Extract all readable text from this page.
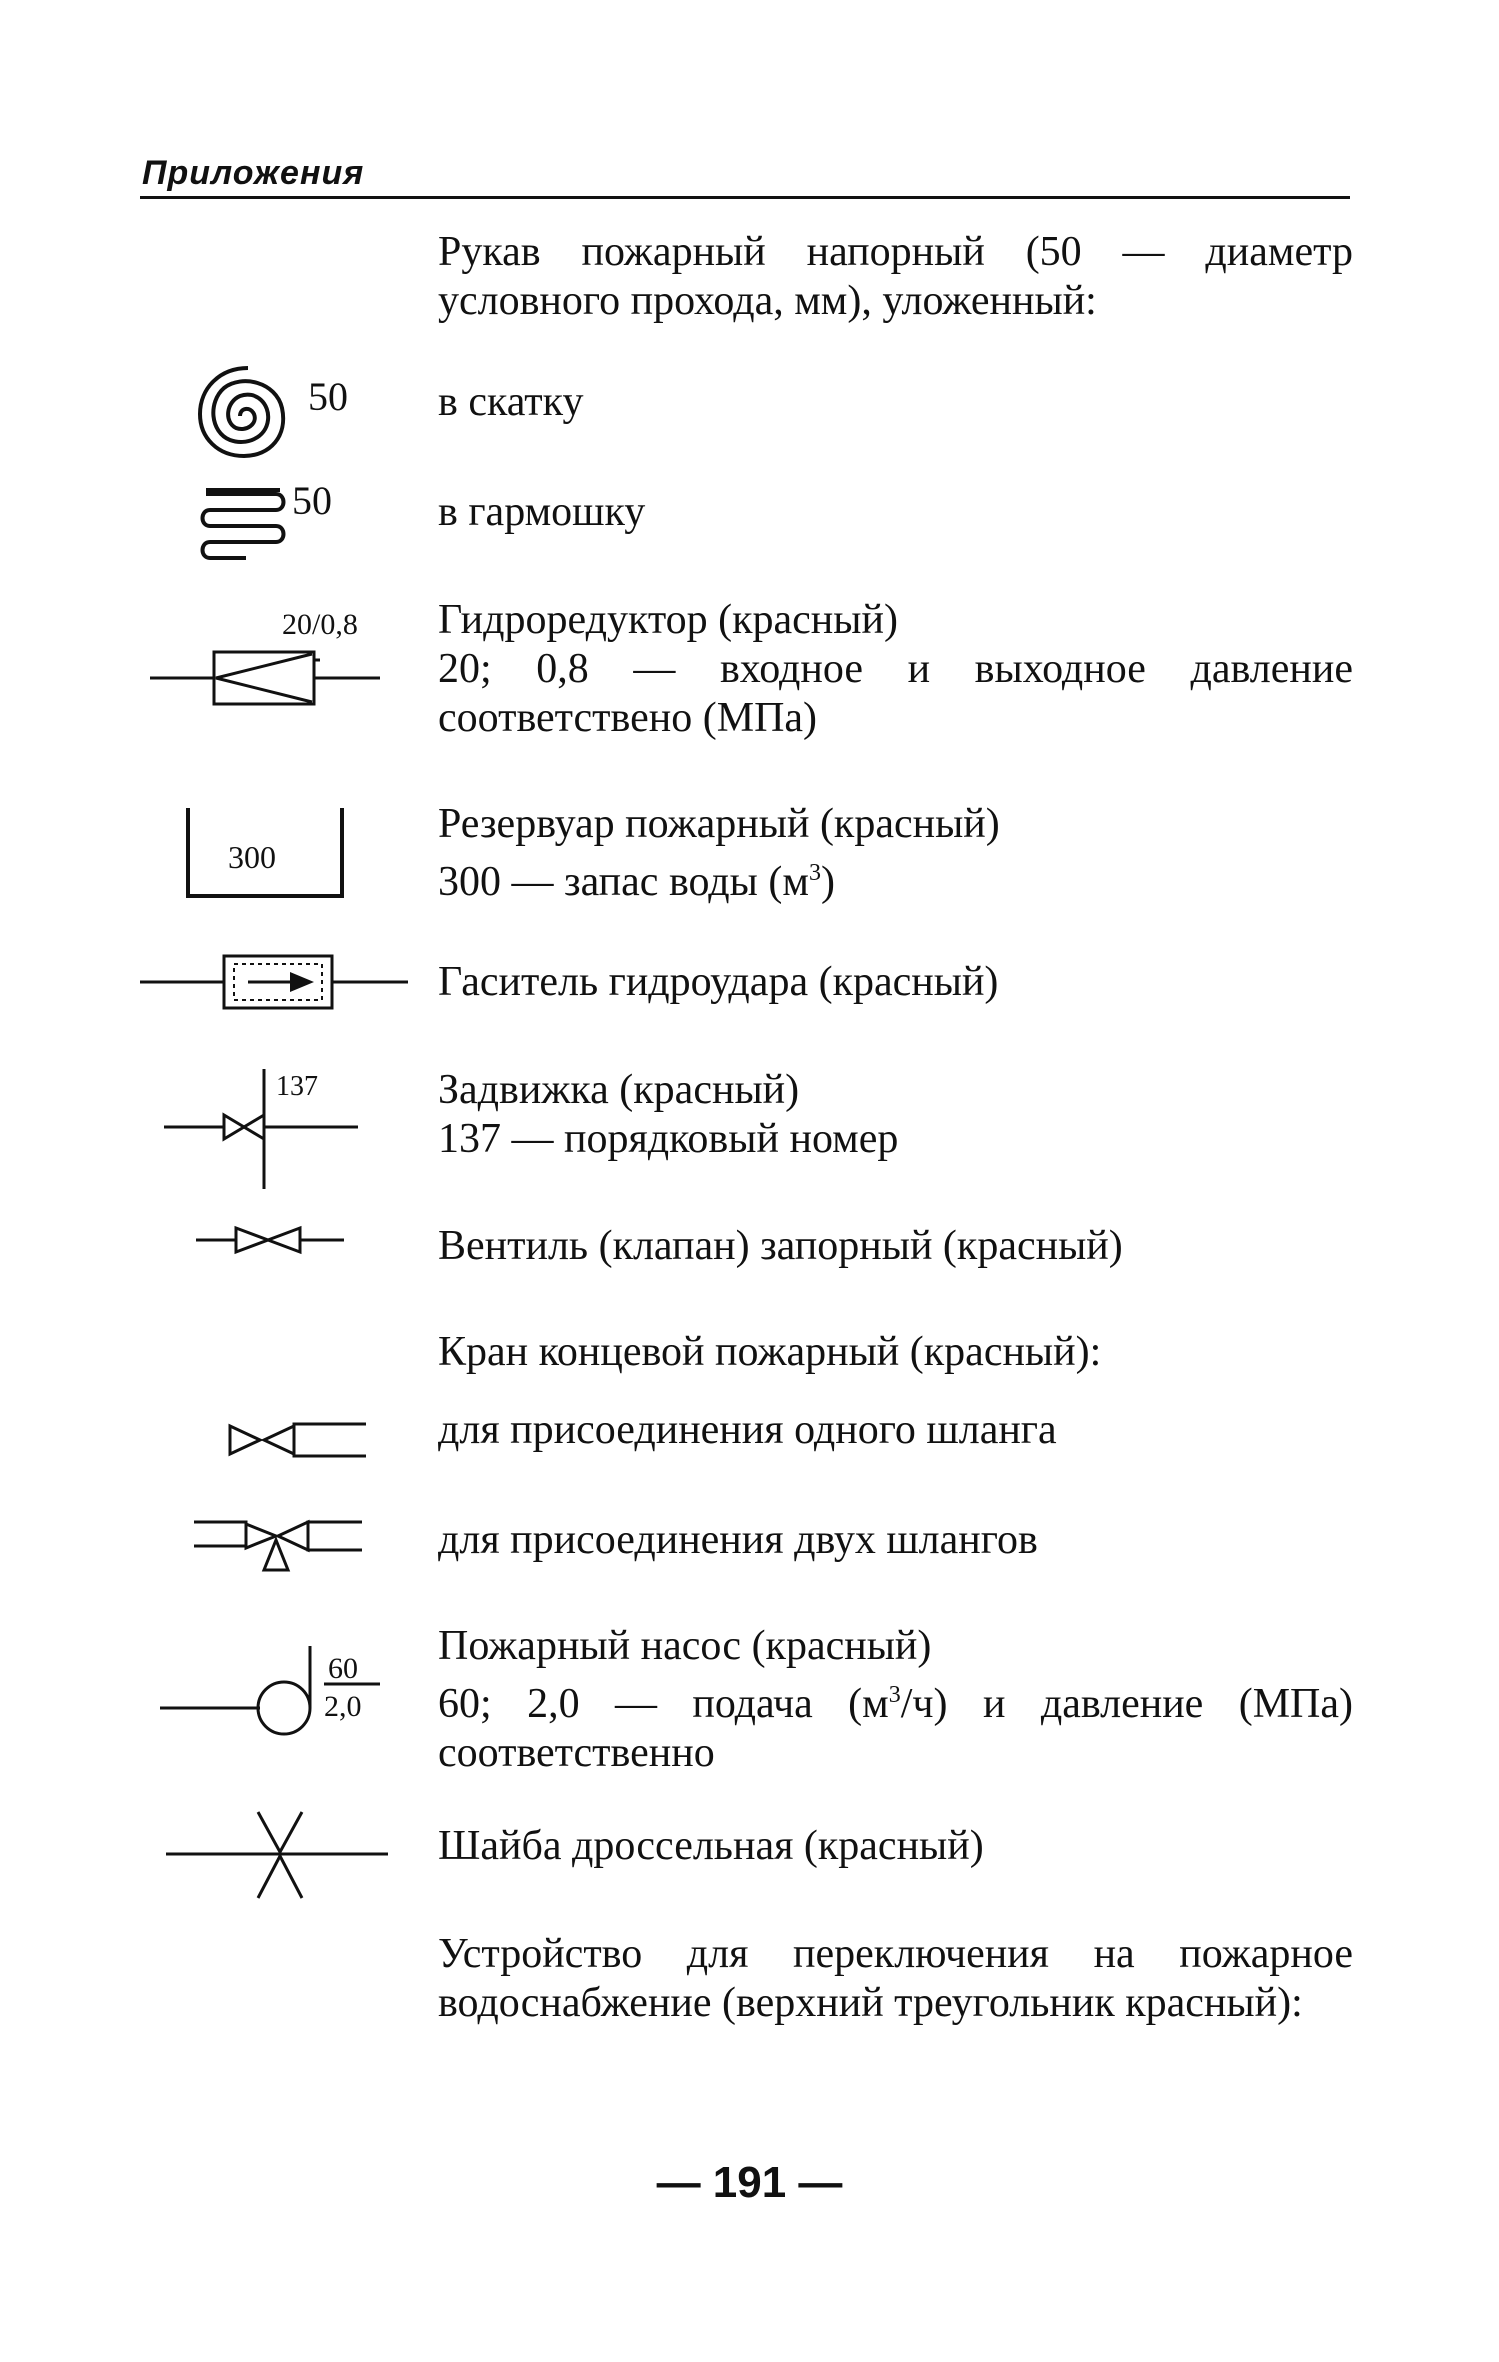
Приложения
Рукав пожарный напорный (50 — диаметр условного прохода, мм), уложенный:
50 в скатку
50	в гармошку
20/0,8 Гидроредуктор (красный)
20; 0,8 — входное и выходное давление соответствено (МПа)
300
Резервуар пожарный (красный)
300 — запас воды $(м^3)$
Гаситель гидроудара (красный)
137	Задвижка (красный)
137 — порядковый номер
Вентиль (клапан) запорный (красный)
Кран концевой пожарный (красный):
для присоединения одного шланга
для присоединения двух шлангов
60
2,0
Пожарный насос (красный)
60; 2,0 — подача $(м^3/ч)$ и давление (МПа) соответственно
Шайба дроссельная (красный)
Устройство для переключения на пожарное водоснабжение (верхний треугольник красный):
— 191 —
